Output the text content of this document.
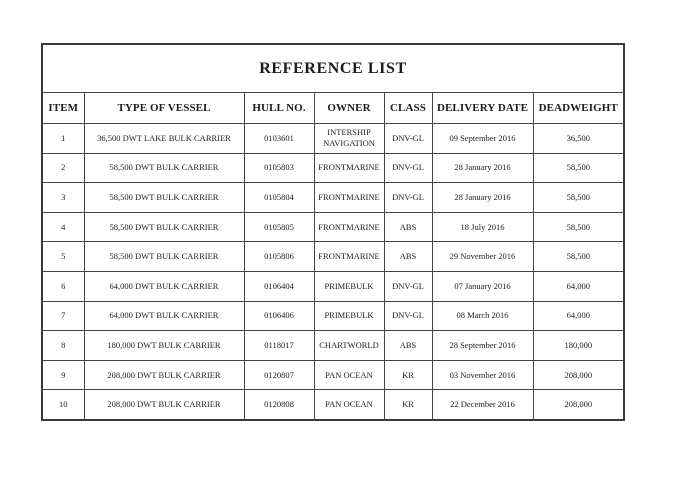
REFERENCE LIST						
ITEM	TYPE OF VESSEL	HULL NO.	OWNER	CLASS	DELIVERY DATE	DEADWEIGHT
1	36,500 DWT LAKE BULK CARRIER	0103601	INTERSHIP NAVIGATION	DNV-GL	09 September 2016	36,500
2	58,500 DWT BULK CARRIER	0105803	FRONTMARINE	DNV-GL	28 January 2016	58,500
3	58,500 DWT BULK CARRIER	0105804	FRONTMARINE	DNV-GL	28 January 2016	58,500
4	58,500 DWT BULK CARRIER	0105805	FRONTMARINE	ABS	18 July 2016	58,500
5	58,500 DWT BULK CARRIER	0105806	FRONTMARINE	ABS	29 November 2016	58,500
6	64,000 DWT BULK CARRIER	0106404	PRIMEBULK	DNV-GL	07 January 2016	64,000
7	64,000 DWT BULK CARRIER	0106406	PRIMEBULK	DNV-GL	08 March 2016	64,000
8	180,000 DWT BULK CARRIER	0118017	CHARTWORLD	ABS	28 September 2016	180,000
9	208,000 DWT BULK CARRIER	0120807	PAN OCEAN	KR	03 November 2016	208,000
10	208,000 DWT BULK CARRIER	0120808	PAN OCEAN	KR	22 December 2016	208,000
